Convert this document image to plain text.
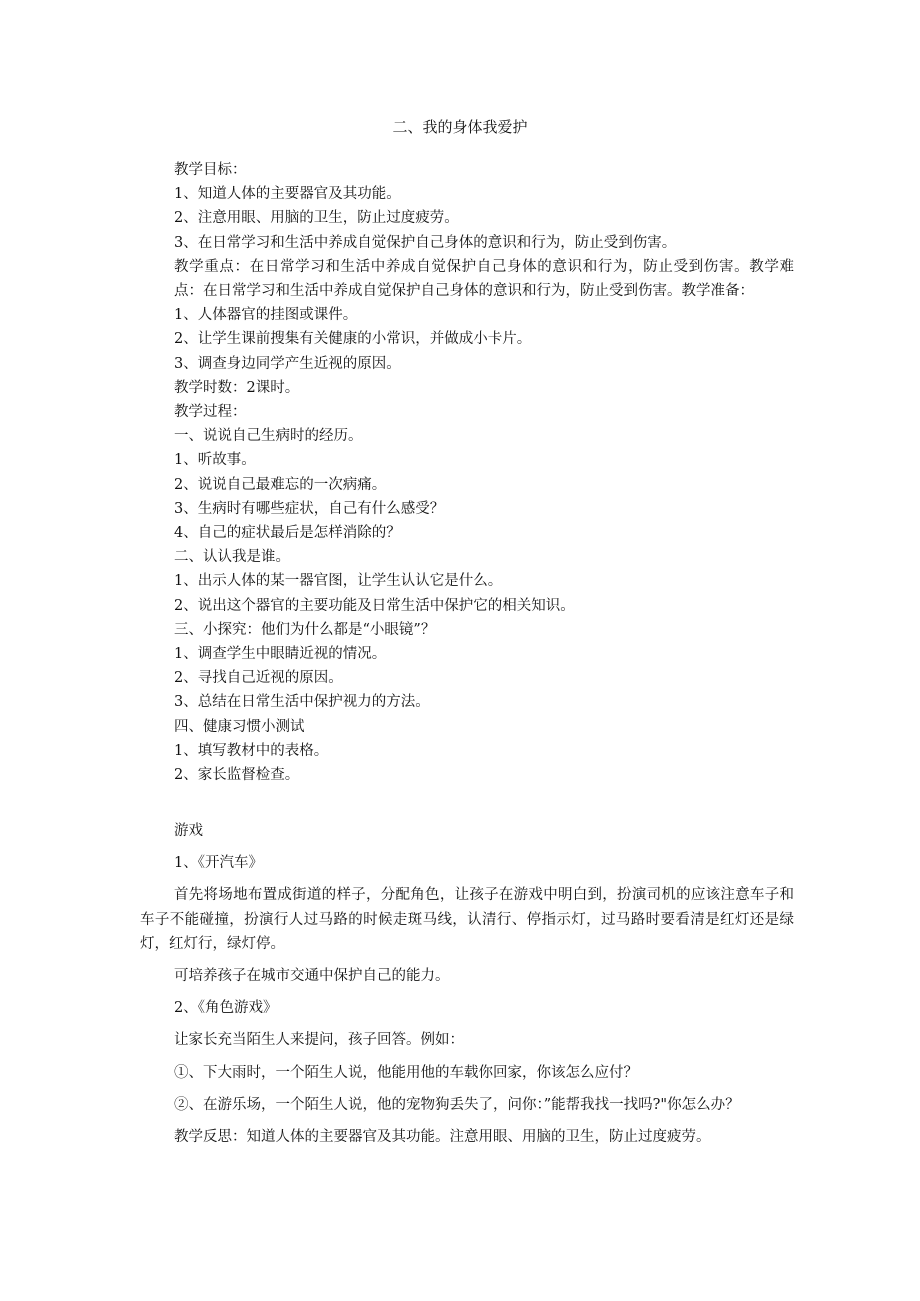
二、我的身体我爱护

教学目标：

1、知道人体的主要器官及其功能。

2、注意用眼、用脑的卫生，防止过度疲劳。

3、在日常学习和生活中养成自觉保护自己身体的意识和行为，防止受到伤害。

教学重点：在日常学习和生活中养成自觉保护自己身体的意识和行为，防止受到伤害。教学难点：在日常学习和生活中养成自觉保护自己身体的意识和行为，防止受到伤害。教学准备：

1、人体器官的挂图或课件。

2、让学生课前搜集有关健康的小常识，并做成小卡片。

3、调查身边同学产生近视的原因。

教学时数：2课时。

教学过程：

一、说说自己生病时的经历。

1、听故事。

2、说说自己最难忘的一次病痛。

3、生病时有哪些症状，自己有什么感受？

4、自己的症状最后是怎样消除的？

二、认认我是谁。

1、出示人体的某一器官图，让学生认认它是什么。

2、说出这个器官的主要功能及日常生活中保护它的相关知识。

三、小探究：他们为什么都是“小眼镜”？

1、调查学生中眼睛近视的情况。

2、寻找自己近视的原因。

3、总结在日常生活中保护视力的方法。

四、健康习惯小测试

1、填写教材中的表格。

2、家长监督检查。

游戏

1、《开汽车》

首先将场地布置成街道的样子，分配角色，让孩子在游戏中明白到，扮演司机的应该注意车子和车子不能碰撞，扮演行人过马路的时候走斑马线，认清行、停指示灯，过马路时要看清是红灯还是绿灯，红灯行，绿灯停。

可培养孩子在城市交通中保护自己的能力。

2、《角色游戏》

让家长充当陌生人来提问，孩子回答。例如：

①、下大雨时，一个陌生人说，他能用他的车载你回家，你该怎么应付？

②、在游乐场，一个陌生人说，他的宠物狗丢失了，问你：”能帮我找一找吗?"你怎么办？

教学反思：知道人体的主要器官及其功能。注意用眼、用脑的卫生，防止过度疲劳。
